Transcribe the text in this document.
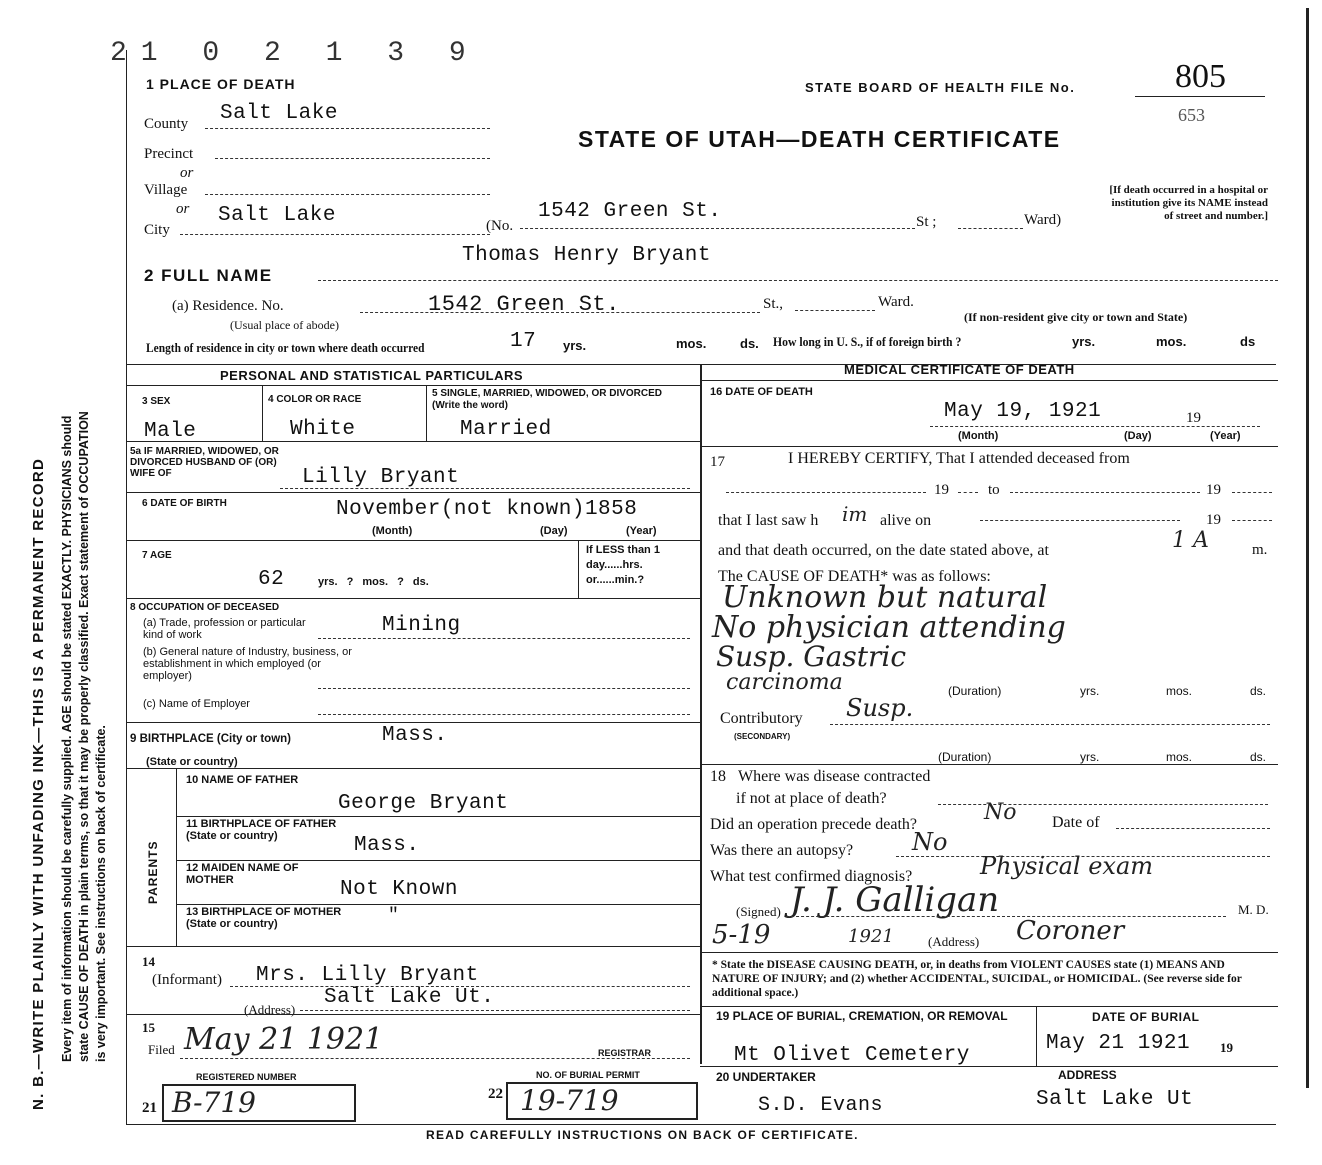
N. B.—WRITE PLAINLY WITH UNFADING INK—THIS IS A PERMANENT RECORD Every item of information should be carefully supplied. AGE should be stated EXACTLY. PHYSICIANS should state CAUSE OF DEATH in plain terms, so that it may be properly classified. Exact statement of OCCUPATION is very important. See instructions on back of certificate.
21 0 2 1 3 9
STATE BOARD OF HEALTH FILE No.	805
653
STATE OF UTAH—DEATH CERTIFICATE
1 PLACE OF DEATH
County Salt Lake
Precinct
or
Village
or
City
Salt Lake	(No.
1542 Green St.	St ;	Ward)
[If death occurred in a hospital or institution give its NAME instead of street and number.]
2 FULL NAME
Thomas Henry Bryant
(a) Residence. No.	1542 Green St.	St.,	Ward.
(Usual place of abode)
(If non-resident give city or town and State)
Length of residence in city or town where death occurred	17 yrs.	mos.	ds. How long in U. S., if of foreign birth ?	yrs.	mos.	ds
PERSONAL AND STATISTICAL PARTICULARS
3 SEX
Male
4 COLOR OR RACE
White
5 SINGLE, MARRIED, WIDOWED, OR DIVORCED (Write the word)
Married
5a IF MARRIED, WIDOWED, OR DIVORCED HUSBAND OF (OR) WIFE OF	Lilly Bryant
6 DATE OF BIRTH	November(not known)1858
(Month)	(Day)	(Year)
7 AGE
62	yrs. ? mos. ? ds.
If LESS than 1 day......hrs. or......min.?
8 OCCUPATION OF DECEASED
(a) Trade, profession or particular kind of work	Mining
(b) General nature of Industry, business, or establishment in which employed (or employer)
(c) Name of Employer
9 BIRTHPLACE (City or town)	Mass.
(State or country)
PARENTS
10 NAME OF FATHER
George Bryant
11 BIRTHPLACE OF FATHER (State or country)	Mass.
12 MAIDEN NAME OF MOTHER	Not Known
13 BIRTHPLACE OF MOTHER (State or country)	"
14
(Informant) Mrs. Lilly Bryant
(Address)
Salt Lake Ut.
15
Filed May 21 1921	REGISTRAR
REGISTERED NUMBER	NO. OF BURIAL PERMIT
21 B-719	22 19-719
MEDICAL CERTIFICATE OF DEATH
16 DATE OF DEATH
May 19, 1921	19
(Month)	(Day)	(Year)
17	I HEREBY CERTIFY, That I attended deceased from
19	to	19
that I last saw h im alive on	19
and that death occurred, on the date stated above, at	1 A	m.
The CAUSE OF DEATH* was as follows:
Unknown but natural
No physician attending
Susp. Gastric
carcinoma	(Duration)	yrs.	mos.	ds.
Contributory Susp.
(SECONDARY)
(Duration)	yrs.	mos.	ds.
18 Where was disease contracted
if not at place of death?
Did an operation precede death?	No Date of
Was there an autopsy? No
What test confirmed diagnosis?	Physical exam
(Signed) J. J. Galligan	M. D.
5-19	1921	(Address) Coroner
* State the DISEASE CAUSING DEATH, or, in deaths from VIOLENT CAUSES state (1) MEANS AND NATURE OF INJURY; and (2) whether ACCIDENTAL, SUICIDAL, or HOMICIDAL. (See reverse side for additional space.)
19 PLACE OF BURIAL, CREMATION, OR REMOVAL
Mt Olivet Cemetery
DATE OF BURIAL
May 21 1921 19
20 UNDERTAKER
S.D. Evans
ADDRESS
Salt Lake Ut
READ CAREFULLY INSTRUCTIONS ON BACK OF CERTIFICATE.
